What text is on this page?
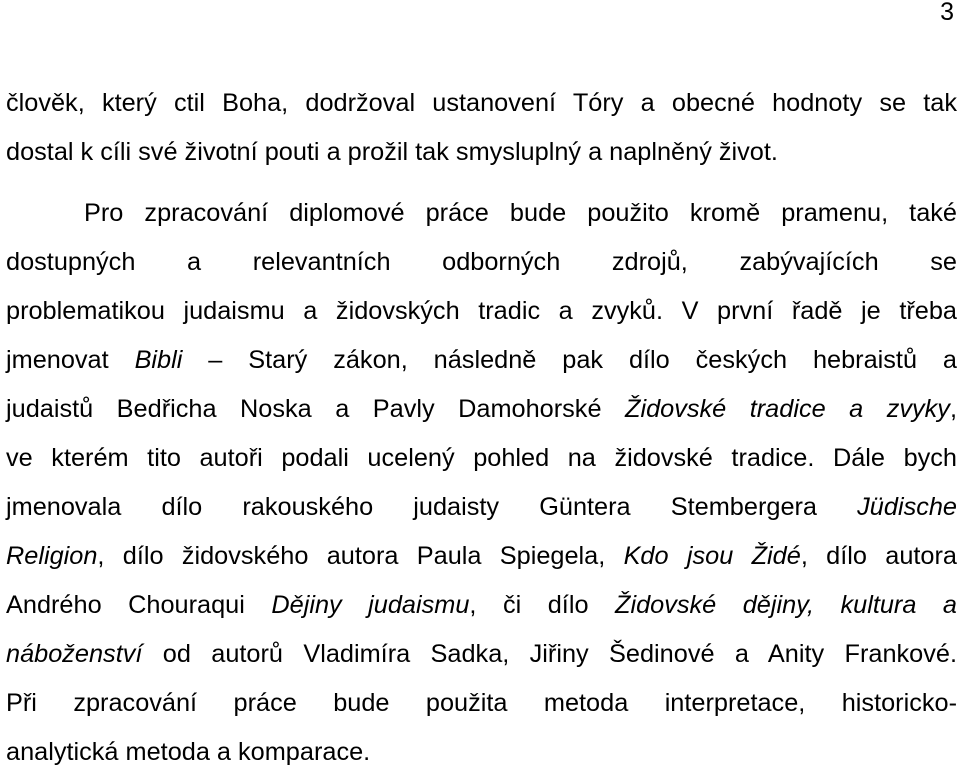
3
člověk, který ctil Boha, dodržoval ustanovení Tóry a obecné hodnoty se tak
dostal k cíli své životní pouti a prožil tak smysluplný a naplněný život.
Pro zpracování diplomové práce bude použito kromě pramenu, také
dostupných a relevantních odborných zdrojů, zabývajících se
problematikou judaismu a židovských tradic a zvyků. V první řadě je třeba
jmenovat Bibli – Starý zákon, následně pak dílo českých hebraistů a
judaistů Bedřicha Noska a Pavly Damohorské Židovské tradice a zvyky,
ve kterém tito autoři podali ucelený pohled na židovské tradice. Dále bych
jmenovala dílo rakouského judaisty Güntera Stembergera Jüdische
Religion, dílo židovského autora Paula Spiegela, Kdo jsou Židé, dílo autora
Andrého Chouraqui Dějiny judaismu, či dílo Židovské dějiny, kultura a
náboženství od autorů Vladimíra Sadka, Jiřiny Šedinové a Anity Frankové.
Při zpracování práce bude použita metoda interpretace, historicko-
analytická metoda a komparace.
